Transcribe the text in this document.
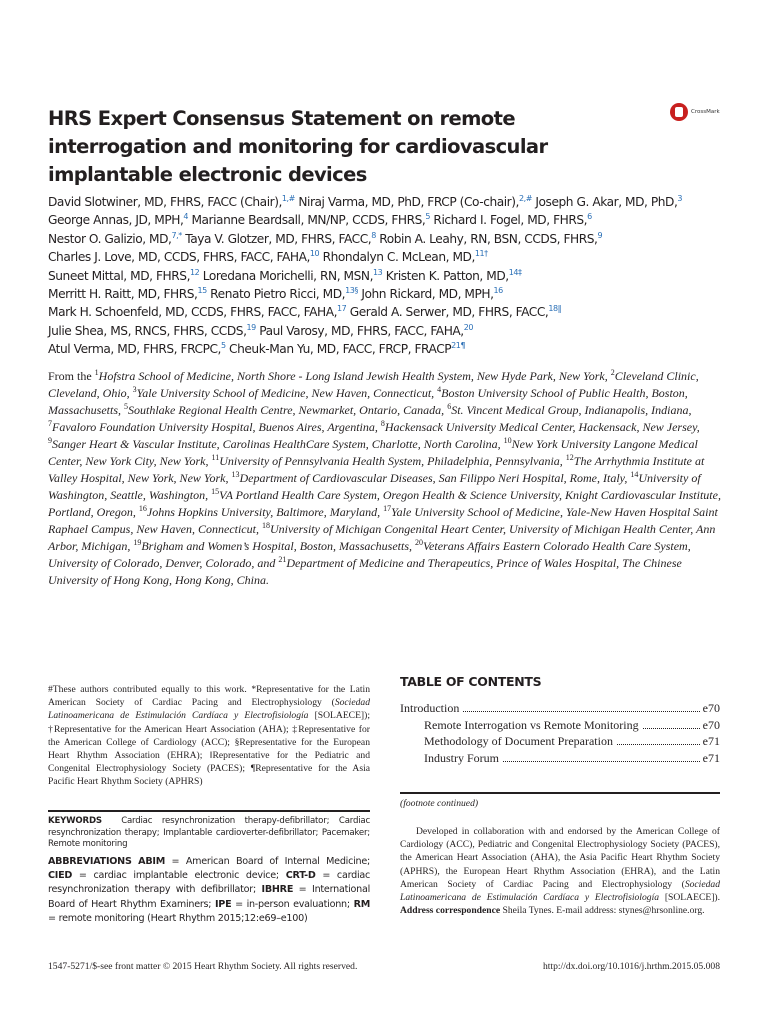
HRS Expert Consensus Statement on remote interrogation and monitoring for cardiovascular implantable electronic devices
CrossMark
David Slotwiner, MD, FHRS, FACC (Chair),$^{1,\#}$ Niraj Varma, MD, PhD, FRCP (Co-chair),$^{2,\#}$ Joseph G. Akar, MD, PhD,$^3$
George Annas, JD, MPH,$^4$ Marianne Beardsall, MN/NP, CCDS, FHRS,$^5$ Richard I. Fogel, MD, FHRS,$^6$
Nestor O. Galizio, MD,$^{7,*}$ Taya V. Glotzer, MD, FHRS, FACC,$^8$ Robin A. Leahy, RN, BSN, CCDS, FHRS,$^9$
Charles J. Love, MD, CCDS, FHRS, FACC, FAHA,$^{10}$ Rhondalyn C. McLean, MD,$^{11\dagger}$
Suneet Mittal, MD, FHRS,$^{12}$ Loredana Morichelli, RN, MSN,$^{13}$ Kristen K. Patton, MD,$^{14\ddagger}$
Merritt H. Raitt, MD, FHRS,$^{15}$ Renato Pietro Ricci, MD,$^{13\S}$ John Rickard, MD, MPH,$^{16}$
Mark H. Schoenfeld, MD, CCDS, FHRS, FACC, FAHA,$^{17}$ Gerald A. Serwer, MD, FHRS, FACC,$^{18‖}$
Julie Shea, MS, RNCS, FHRS, CCDS,$^{19}$ Paul Varosy, MD, FHRS, FACC, FAHA,$^{20}$
Atul Verma, MD, FHRS, FRCPC,$^5$ Cheuk-Man Yu, MD, FACC, FRCP, $FRACP^{21\P}$
From the $^1$Hofstra School of Medicine, North Shore - Long Island Jewish Health System, New Hyde Park, New York, $^2$Cleveland Clinic, Cleveland, Ohio, $^3$Yale University School of Medicine, New Haven, Connecticut, $^4$Boston University School of Public Health, Boston, Massachusetts, $^5$Southlake Regional Health Centre, Newmarket, Ontario, Canada, $^6$St. Vincent Medical Group, Indianapolis, Indiana, $^7$Favaloro Foundation University Hospital, Buenos Aires, Argentina, $^8$Hackensack University Medical Center, Hackensack, New Jersey, $^9$Sanger Heart & Vascular Institute, Carolinas HealthCare System, Charlotte, North Carolina, $^{10}$New York University Langone Medical Center, New York City, New York, $^{11}$University of Pennsylvania Health System, Philadelphia, Pennsylvania, $^{12}$The Arrhythmia Institute at Valley Hospital, New York, New York, $^{13}$Department of Cardiovascular Diseases, San Filippo Neri Hospital, Rome, Italy, $^{14}$University of Washington, Seattle, Washington, $^{15}$VA Portland Health Care System, Oregon Health & Science University, Knight Cardiovascular Institute, Portland, Oregon, $^{16}$Johns Hopkins University, Baltimore, Maryland, $^{17}$Yale University School of Medicine, Yale-New Haven Hospital Saint Raphael Campus, New Haven, Connecticut, $^{18}$University of Michigan Congenital Heart Center, University of Michigan Health Center, Ann Arbor, Michigan, $^{19}$Brigham and Women’s Hospital, Boston, Massachusetts, $^{20}$Veterans Affairs Eastern Colorado Health Care System, University of Colorado, Denver, Colorado, and $^{21}$Department of Medicine and Therapeutics, Prince of Wales Hospital, The Chinese University of Hong Kong, Hong Kong, China.
#These authors contributed equally to this work. *Representative for the Latin American Society of Cardiac Pacing and Electrophysiology (Sociedad Latinoamericana de Estimulación Cardíaca y Electrofisiología [SOLAECE]); †Representative for the American Heart Association (AHA); ‡Representative for the American College of Cardiology (ACC); §Representative for the European Heart Rhythm Association (EHRA); ‖Representative for the Pediatric and Congenital Electrophysiology Society (PACES); ¶Representative for the Asia Pacific Heart Rhythm Society (APHRS)
KEYWORDS Cardiac resynchronization therapy-defibrillator; Cardiac resynchronization therapy; Implantable cardioverter-defibrillator; Pacemaker; Remote monitoring
ABBREVIATIONS ABIM = American Board of Internal Medicine; CIED = cardiac implantable electronic device; CRT-D = cardiac resynchronization therapy with defibrillator; IBHRE = International Board of Heart Rhythm Examiners; IPE = in-person evaluationn; RM = remote monitoring (Heart Rhythm 2015;12:e69–e100)
TABLE OF CONTENTS
Introduction	e70
Remote Interrogation vs Remote Monitoring	e70
Methodology of Document Preparation	e71
Industry Forum	e71
(footnote continued)
Developed in collaboration with and endorsed by the American College of Cardiology (ACC), Pediatric and Congenital Electrophysiology Society (PACES), the American Heart Association (AHA), the Asia Pacific Heart Rhythm Society (APHRS), the European Heart Rhythm Association (EHRA), and the Latin American Society of Cardiac Pacing and Electrophysiology (Sociedad Latinoamericana de Estimulación Cardíaca y Electrofisiología [SOLAECE]). Address correspondence Sheila Tynes. E-mail address: stynes@hrsonline.org.
1547-5271/$-see front matter © 2015 Heart Rhythm Society. All rights reserved.	http://dx.doi.org/10.1016/j.hrthm.2015.05.008
